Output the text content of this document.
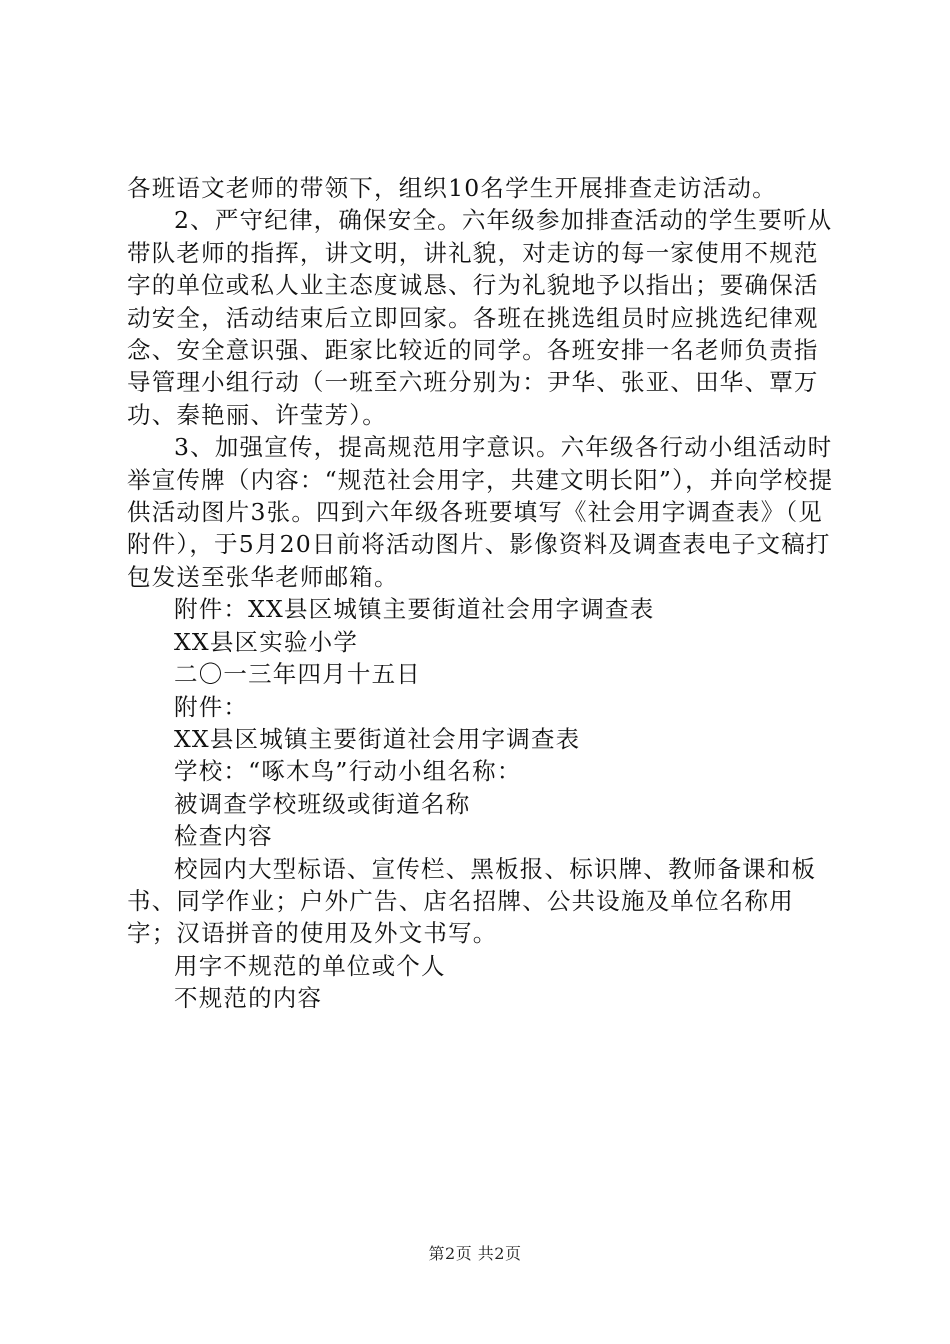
各班语文老师的带领下，组织10名学生开展排查走访活动。

2、严守纪律，确保安全。六年级参加排查活动的学生要听从带队老师的指挥，讲文明，讲礼貌，对走访的每一家使用不规范字的单位或私人业主态度诚恳、行为礼貌地予以指出；要确保活动安全，活动结束后立即回家。各班在挑选组员时应挑选纪律观念、安全意识强、距家比较近的同学。各班安排一名老师负责指导管理小组行动（一班至六班分别为：尹华、张亚、田华、覃万功、秦艳丽、许莹芳）。

3、加强宣传，提高规范用字意识。六年级各行动小组活动时举宣传牌（内容：“规范社会用字，共建文明长阳”），并向学校提供活动图片3张。四到六年级各班要填写《社会用字调查表》（见附件），于5月20日前将活动图片、影像资料及调查表电子文稿打包发送至张华老师邮箱。

附件：XX县区城镇主要街道社会用字调查表

XX县区实验小学

二〇一三年四月十五日

附件：

XX县区城镇主要街道社会用字调查表

学校：“啄木鸟”行动小组名称：

被调查学校班级或街道名称

检查内容

校园内大型标语、宣传栏、黑板报、标识牌、教师备课和板书、同学作业；户外广告、店名招牌、公共设施及单位名称用字；汉语拼音的使用及外文书写。

用字不规范的单位或个人

不规范的内容

第2页 共2页
